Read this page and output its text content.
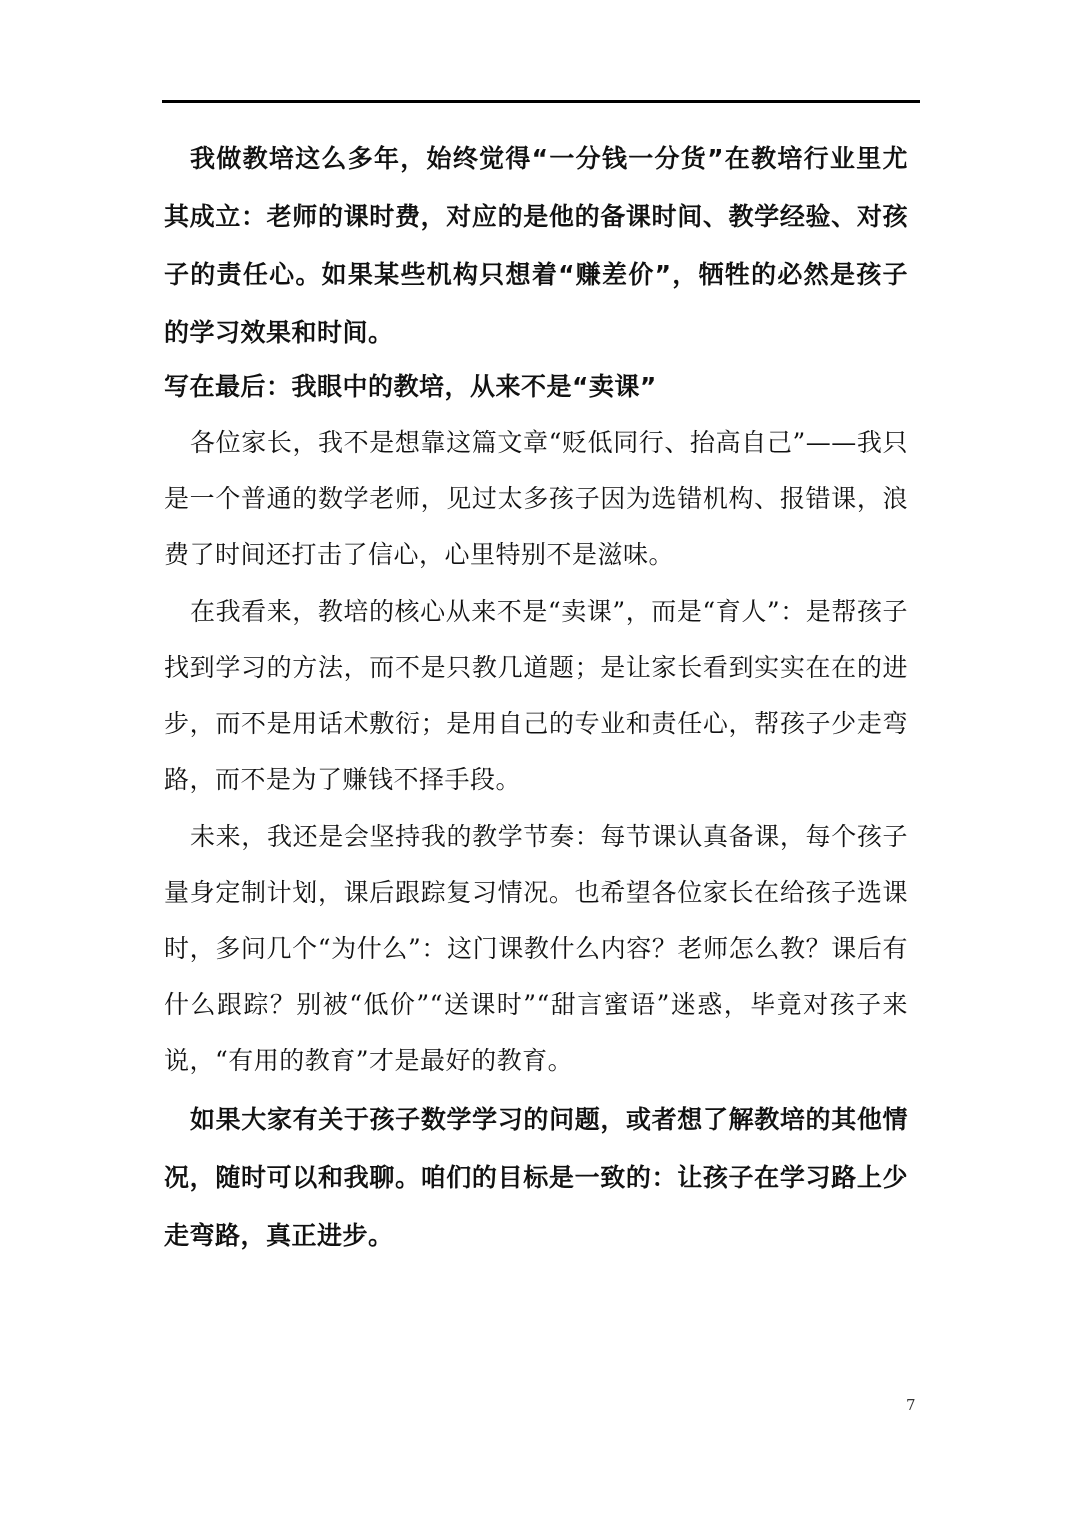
我做教培这么多年，始终觉得“一分钱一分货”在教培行业里尤其成立：老师的课时费，对应的是他的备课时间、教学经验、对孩子的责任心。如果某些机构只想着“赚差价”，牺牲的必然是孩子的学习效果和时间。

写在最后：我眼中的教培，从来不是“卖课”

各位家长，我不是想靠这篇文章“贬低同行、抬高自己”——我只是一个普通的数学老师，见过太多孩子因为选错机构、报错课，浪费了时间还打击了信心，心里特别不是滋味。

在我看来，教培的核心从来不是“卖课”，而是“育人”：是帮孩子找到学习的方法，而不是只教几道题；是让家长看到实实在在的进步，而不是用话术敷衍；是用自己的专业和责任心，帮孩子少走弯路，而不是为了赚钱不择手段。

未来，我还是会坚持我的教学节奏：每节课认真备课，每个孩子量身定制计划，课后跟踪复习情况。也希望各位家长在给孩子选课时，多问几个“为什么”：这门课教什么内容？老师怎么教？课后有什么跟踪？别被“低价”“送课时”“甜言蜜语”迷惑，毕竟对孩子来说，“有用的教育”才是最好的教育。

如果大家有关于孩子数学学习的问题，或者想了解教培的其他情况，随时可以和我聊。咱们的目标是一致的：让孩子在学习路上少走弯路，真正进步。

7
